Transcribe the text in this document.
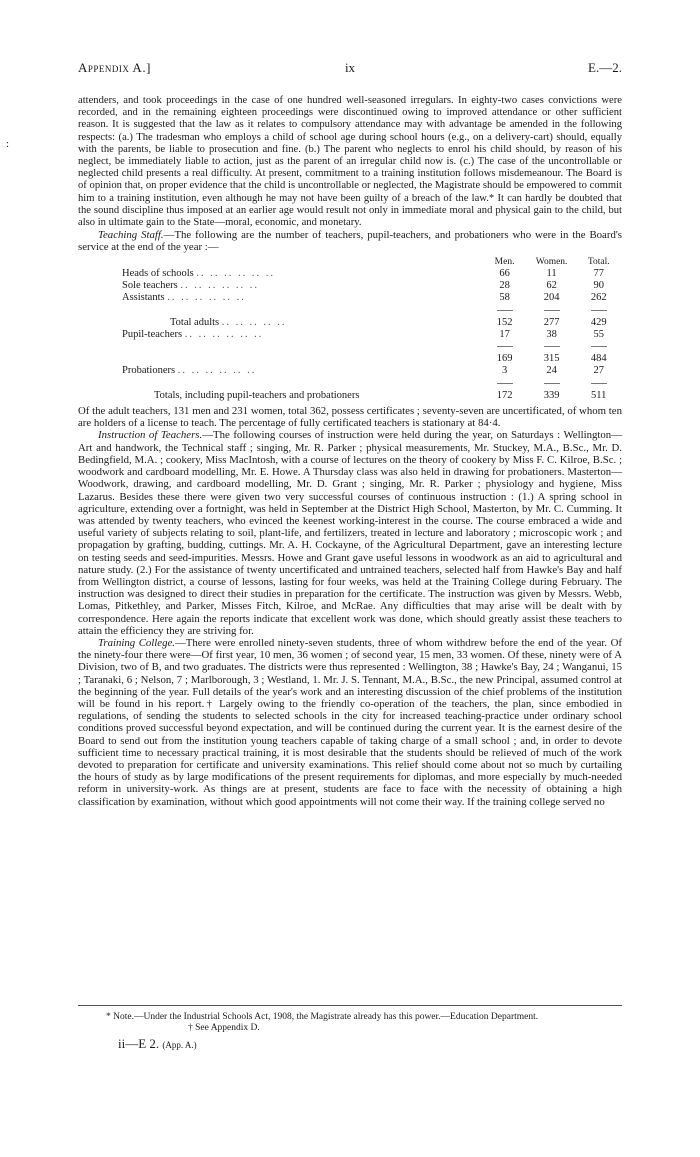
Appendix A.]	ix	E.—2.
:

attenders, and took proceedings in the case of one hundred well-seasoned irregulars. In eighty-two cases convictions were recorded, and in the remaining eighteen proceedings were discontinued owing to improved attendance or other sufficient reason. It is suggested that the law as it relates to compulsory attendance may with advantage be amended in the following respects: (a.) The tradesman who employs a child of school age during school hours (e.g., on a delivery-cart) should, equally with the parents, be liable to prosecution and fine. (b.) The parent who neglects to enrol his child should, by reason of his neglect, be immediately liable to action, just as the parent of an irregular child now is. (c.) The case of the uncontrollable or neglected child presents a real difficulty. At present, commitment to a training institution follows misdemeanour. The Board is of opinion that, on proper evidence that the child is uncontrollable or neglected, the Magistrate should be empowered to commit him to a training institution, even although he may not have been guilty of a breach of the law.* It can hardly be doubted that the sound discipline thus imposed at an earlier age would result not only in immediate moral and physical gain to the child, but also in ultimate gain to the State—moral, economic, and monetary.

Teaching Staff.—The following are the number of teachers, pupil-teachers, and probationers who were in the Board's service at the end of the year :—

	Men.	Women.	Total.
Heads of schools .. .. .. .. .. ..	66	11	77
Sole teachers .. .. .. .. .. ..	28	62	90
Assistants .. .. .. .. .. ..	58	204	262

Total adults .. .. .. .. ..	152	277	429
Pupil-teachers .. .. .. .. .. ..	17	38	55

	169	315	484
Probationers .. .. .. .. .. ..	3	24	27

Totals, including pupil-teachers and probationers	172	339	511

Of the adult teachers, 131 men and 231 women, total 362, possess certificates ; seventy-seven are uncertificated, of whom ten are holders of a license to teach. The percentage of fully certificated teachers is stationary at 84·4.

Instruction of Teachers.—The following courses of instruction were held during the year, on Saturdays : Wellington—Art and handwork, the Technical staff ; singing, Mr. R. Parker ; physical measurements, Mr. Stuckey, M.A., B.Sc., Mr. D. Bedingfield, M.A. ; cookery, Miss MacIntosh, with a course of lectures on the theory of cookery by Miss F. C. Kilroe, B.Sc. ; woodwork and cardboard modelling, Mr. E. Howe. A Thursday class was also held in drawing for probationers. Masterton—Woodwork, drawing, and cardboard modelling, Mr. D. Grant ; singing, Mr. R. Parker ; physiology and hygiene, Miss Lazarus. Besides these there were given two very successful courses of continuous instruction : (1.) A spring school in agriculture, extending over a fortnight, was held in September at the District High School, Masterton, by Mr. C. Cumming. It was attended by twenty teachers, who evinced the keenest working-interest in the course. The course embraced a wide and useful variety of subjects relating to soil, plant-life, and fertilizers, treated in lecture and laboratory ; microscopic work ; and propagation by grafting, budding, cuttings. Mr. A. H. Cockayne, of the Agricultural Department, gave an interesting lecture on testing seeds and seed-impurities. Messrs. Howe and Grant gave useful lessons in woodwork as an aid to agricultural and nature study. (2.) For the assistance of twenty uncertificated and untrained teachers, selected half from Hawke's Bay and half from Wellington district, a course of lessons, lasting for four weeks, was held at the Training College during February. The instruction was designed to direct their studies in preparation for the certificate. The instruction was given by Messrs. Webb, Lomas, Pitkethley, and Parker, Misses Fitch, Kilroe, and McRae. Any difficulties that may arise will be dealt with by correspondence. Here again the reports indicate that excellent work was done, which should greatly assist these teachers to attain the efficiency they are striving for.

Training College.—There were enrolled ninety-seven students, three of whom withdrew before the end of the year. Of the ninety-four there were—Of first year, 10 men, 36 women ; of second year, 15 men, 33 women. Of these, ninety were of A Division, two of B, and two graduates. The districts were thus represented : Wellington, 38 ; Hawke's Bay, 24 ; Wanganui, 15 ; Taranaki, 6 ; Nelson, 7 ; Marlborough, 3 ; Westland, 1. Mr. J. S. Tennant, M.A., B.Sc., the new Principal, assumed control at the beginning of the year. Full details of the year's work and an interesting discussion of the chief problems of the institution will be found in his report.† Largely owing to the friendly co-operation of the teachers, the plan, since embodied in regulations, of sending the students to selected schools in the city for increased teaching-practice under ordinary school conditions proved successful beyond expectation, and will be continued during the current year. It is the earnest desire of the Board to send out from the institution young teachers capable of taking charge of a small school ; and, in order to devote sufficient time to necessary practical training, it is most desirable that the students should be relieved of much of the work devoted to preparation for certificate and university examinations. This relief should come about not so much by curtailing the hours of study as by large modifications of the present requirements for diplomas, and more especially by much-needed reform in university-work. As things are at present, students are face to face with the necessity of obtaining a high classification by examination, without which good appointments will not come their way. If the training college served no

* Note.—Under the Industrial Schools Act, 1908, the Magistrate already has this power.—Education Department.
† See Appendix D.
ii—E 2. (App. A.)
